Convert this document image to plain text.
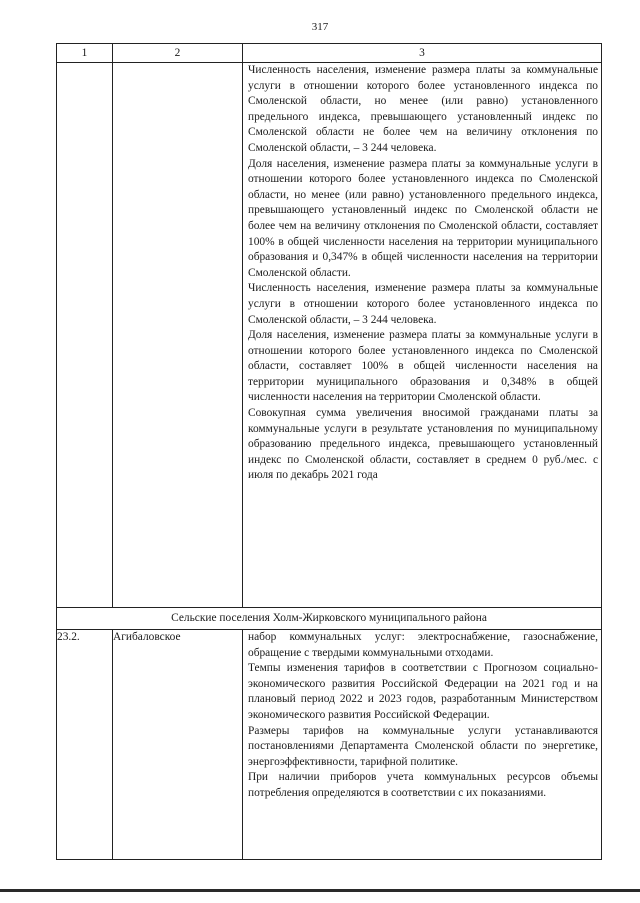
317
1	2	3

		Численность населения, изменение размера платы за коммунальные услуги в отношении которого более установленного индекса по Смоленской области, но менее (или равно) установленного предельного индекса, превышающего установленный индекс по Смоленской области не более чем на величину отклонения по Смоленской области, – 3 244 человека.

Доля населения, изменение размера платы за коммунальные услуги в отношении которого более установленного индекса по Смоленской области, но менее (или равно) установленного предельного индекса, превышающего установленный индекс по Смоленской области не более чем на величину отклонения по Смоленской области, составляет 100% в общей численности населения на территории муниципального образования и 0,347% в общей численности населения на территории Смоленской области.

Численность населения, изменение размера платы за коммунальные услуги в отношении которого более установленного индекса по Смоленской области, – 3 244 человека.

Доля населения, изменение размера платы за коммунальные услуги в отношении которого более установленного индекса по Смоленской области, составляет 100% в общей численности населения на территории муниципального образования и 0,348% в общей численности населения на территории Смоленской области.

Совокупная сумма увеличения вносимой гражданами платы за коммунальные услуги в результате установления по муниципальному образованию предельного индекса, превышающего установленный индекс по Смоленской области, составляет в среднем 0 руб./мес. с июля по декабрь 2021 года

Сельские поселения Холм-Жирковского муниципального района		
23.2.	Агибаловское	набор коммунальных услуг: электроснабжение, газоснабжение, обращение с твердыми коммунальными отходами.

Темпы изменения тарифов в соответствии с Прогнозом социально-экономического развития Российской Федерации на 2021 год и на плановый период 2022 и 2023 годов, разработанным Министерством экономического развития Российской Федерации.

Размеры тарифов на коммунальные услуги устанавливаются постановлениями Департамента Смоленской области по энергетике, энергоэффективности, тарифной политике.

При наличии приборов учета коммунальных ресурсов объемы потребления определяются в соответствии с их показаниями.
